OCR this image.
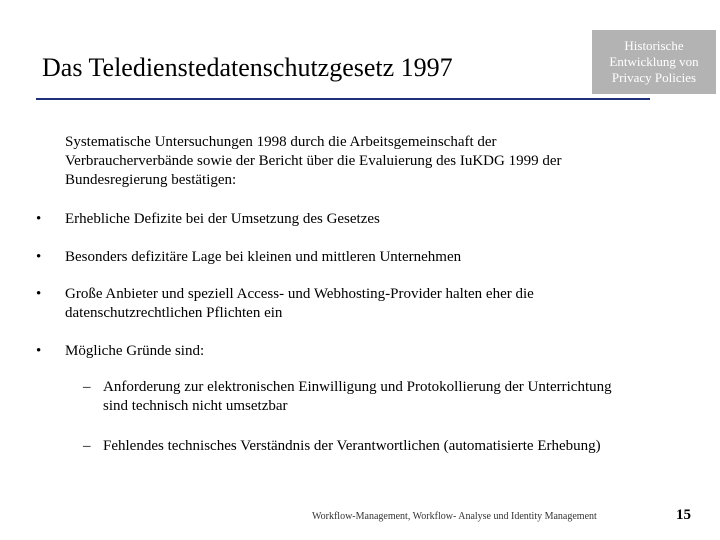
Das Teledienstedatenschutzgesetz 1997
Historische Entwicklung von Privacy Policies
Systematische Untersuchungen 1998 durch die Arbeitsgemeinschaft der Verbraucherverbände sowie der Bericht über die Evaluierung des IuKDG 1999 der Bundesregierung bestätigen:
• Erhebliche Defizite bei der Umsetzung des Gesetzes
• Besonders defizitäre Lage bei kleinen und mittleren Unternehmen
• Große Anbieter und speziell Access- und Webhosting-Provider halten eher die datenschutzrechtlichen Pflichten ein
• Mögliche Gründe sind:
– Anforderung zur elektronischen Einwilligung und Protokollierung der Unterrichtung sind technisch nicht umsetzbar
– Fehlendes technisches Verständnis der Verantwortlichen (automatisierte Erhebung)
Workflow-Management, Workflow- Analyse und Identity Management	15
